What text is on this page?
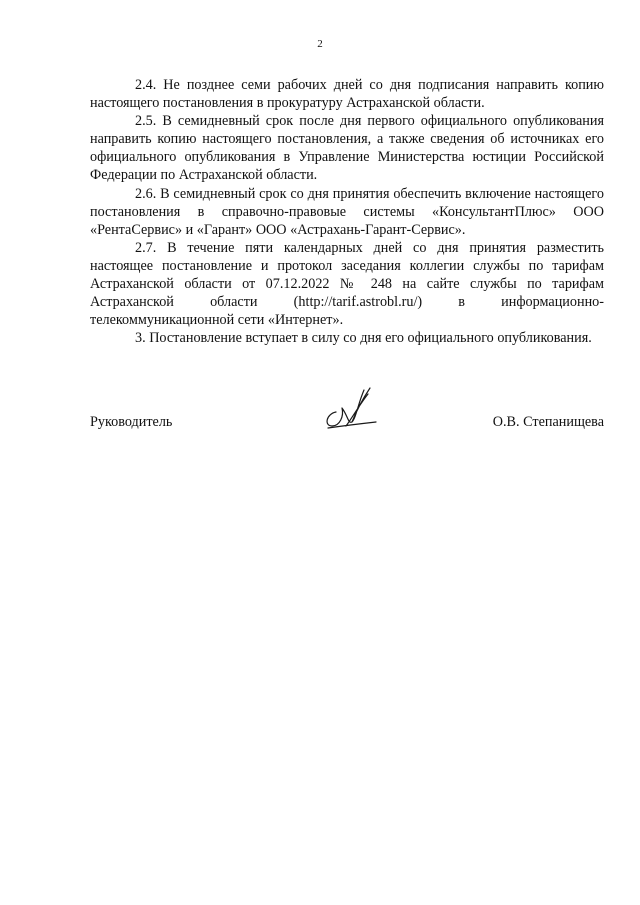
2

2.4. Не позднее семи рабочих дней со дня подписания направить копию настоящего постановления в прокуратуру Астраханской области.

2.5. В семидневный срок после дня первого официального опубликования направить копию настоящего постановления, а также сведения об источниках его официального опубликования в Управление Министерства юстиции Российской Федерации по Астраханской области.

2.6. В семидневный срок со дня принятия обеспечить включение настоящего постановления в справочно-правовые системы «КонсультантПлюс» ООО «РентаСервис» и «Гарант» ООО «Астрахань-Гарант-Сервис».

2.7. В течение пяти календарных дней со дня принятия разместить настоящее постановление и протокол заседания коллегии службы по тарифам Астраханской области от 07.12.2022 № 248 на сайте службы по тарифам Астраханской области (http://tarif.astrobl.ru/) в информационно-телекоммуникационной сети «Интернет».

3. Постановление вступает в силу со дня его официального опубликования.

Руководитель	О.В. Степанищева
